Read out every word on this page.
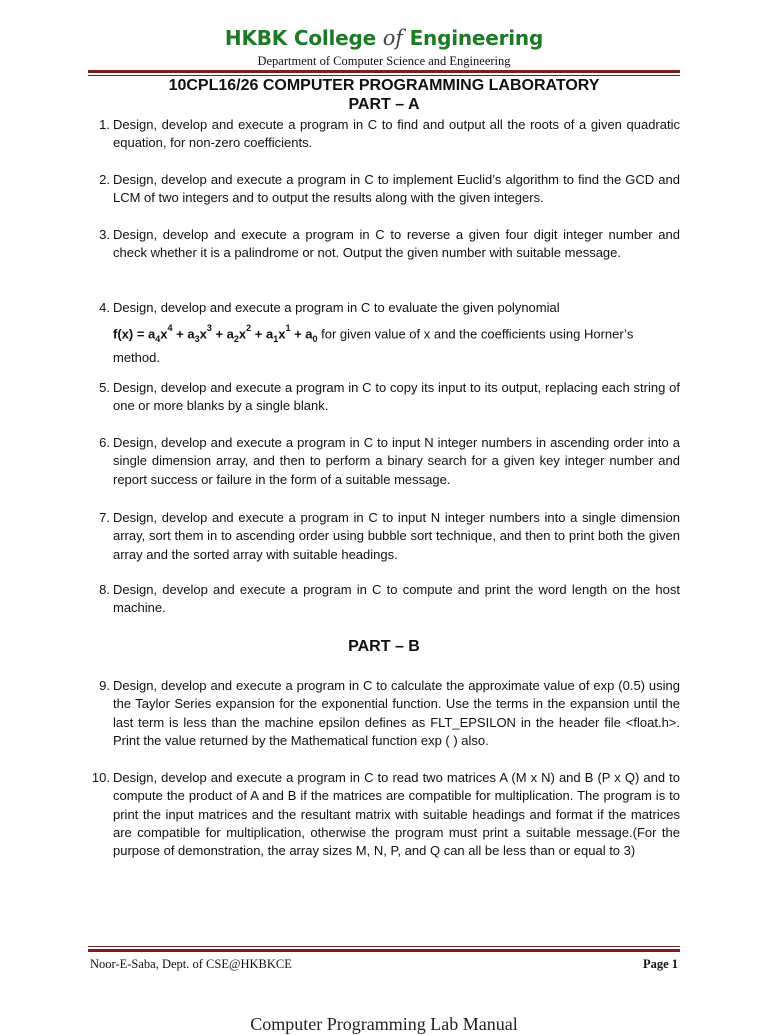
HKBK College of Engineering
Department of Computer Science and Engineering
10CPL16/26 COMPUTER PROGRAMMING LABORATORY
PART – A
1. Design, develop and execute a program in C to find and output all the roots of a given quadratic equation, for non-zero coefficients.
2. Design, develop and execute a program in C to implement Euclid’s algorithm to find the GCD and LCM of two integers and to output the results along with the given integers.
3. Design, develop and execute a program in C to reverse a given four digit integer number and check whether it is a palindrome or not. Output the given number with suitable message.
4. Design, develop and execute a program in C to evaluate the given polynomial
$f(x) = a_4x^4 + a_3x^3 + a_2x^2 + a_1x^1 + a_0$ for given value of x and the coefficients using Horner’s method.
5. Design, develop and execute a program in C to copy its input to its output, replacing each string of one or more blanks by a single blank.
6. Design, develop and execute a program in C to input N integer numbers in ascending order into a single dimension array, and then to perform a binary search for a given key integer number and report success or failure in the form of a suitable message.
7. Design, develop and execute a program in C to input N integer numbers into a single dimension array, sort them in to ascending order using bubble sort technique, and then to print both the given array and the sorted array with suitable headings.
8. Design, develop and execute a program in C to compute and print the word length on the host machine.
PART – B
9. Design, develop and execute a program in C to calculate the approximate value of exp (0.5) using the Taylor Series expansion for the exponential function. Use the terms in the expansion until the last term is less than the machine epsilon defines as FLT_EPSILON in the header file <float.h>. Print the value returned by the Mathematical function exp ( ) also.
10. Design, develop and execute a program in C to read two matrices A (M x N) and B (P x Q) and to compute the product of A and B if the matrices are compatible for multiplication. The program is to print the input matrices and the resultant matrix with suitable headings and format if the matrices are compatible for multiplication, otherwise the program must print a suitable message.(For the purpose of demonstration, the array sizes M, N, P, and Q can all be less than or equal to 3)
Noor-E-Saba, Dept. of CSE@HKBKCE	Page 1
Computer Programming Lab Manual
